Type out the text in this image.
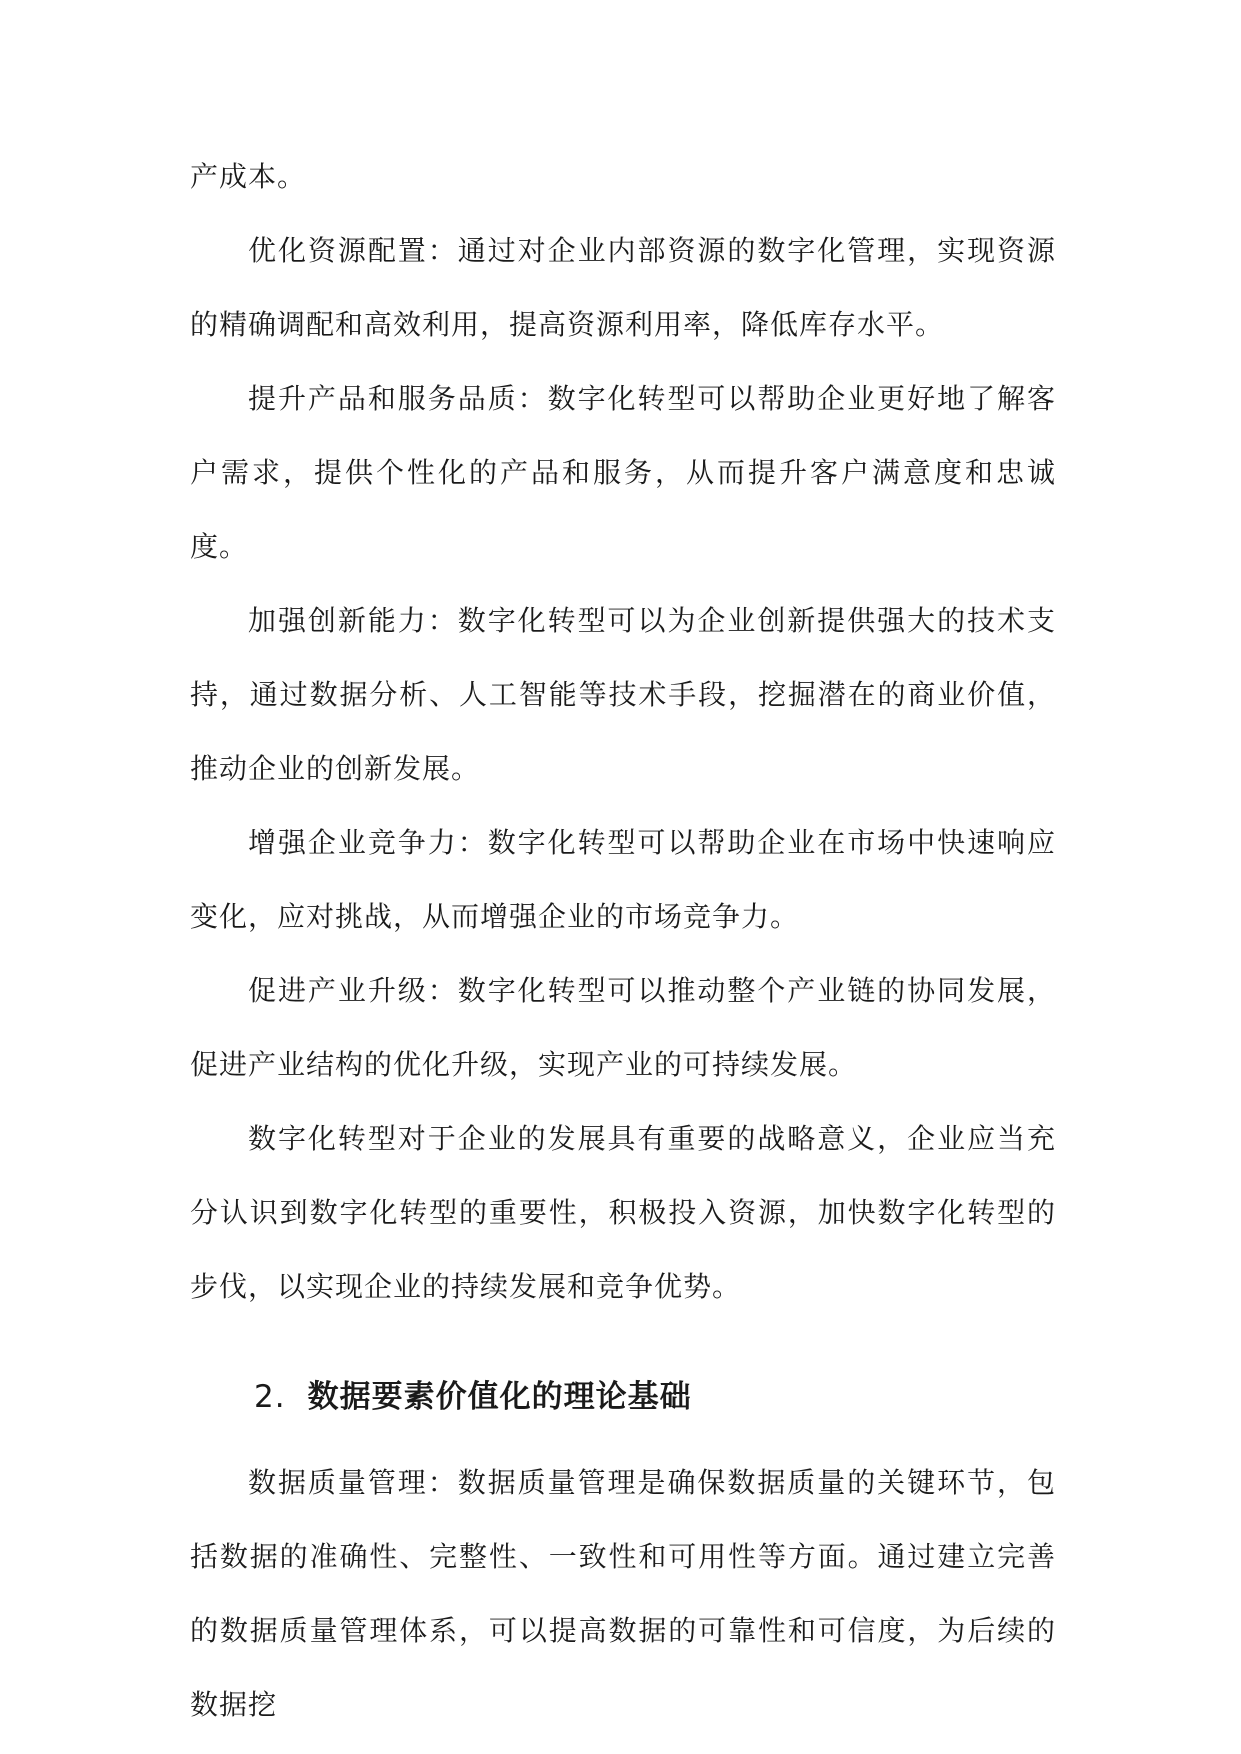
产成本。

优化资源配置：通过对企业内部资源的数字化管理，实现资源的精确调配和高效利用，提高资源利用率，降低库存水平。

提升产品和服务品质：数字化转型可以帮助企业更好地了解客户需求，提供个性化的产品和服务，从而提升客户满意度和忠诚度。

加强创新能力：数字化转型可以为企业创新提供强大的技术支持，通过数据分析、人工智能等技术手段，挖掘潜在的商业价值，推动企业的创新发展。

增强企业竞争力：数字化转型可以帮助企业在市场中快速响应变化，应对挑战，从而增强企业的市场竞争力。

促进产业升级：数字化转型可以推动整个产业链的协同发展，促进产业结构的优化升级，实现产业的可持续发展。

数字化转型对于企业的发展具有重要的战略意义，企业应当充分认识到数字化转型的重要性，积极投入资源，加快数字化转型的步伐，以实现企业的持续发展和竞争优势。

2. 数据要素价值化的理论基础

数据质量管理：数据质量管理是确保数据质量的关键环节，包括数据的准确性、完整性、一致性和可用性等方面。通过建立完善的数据质量管理体系，可以提高数据的可靠性和可信度，为后续的数据挖
